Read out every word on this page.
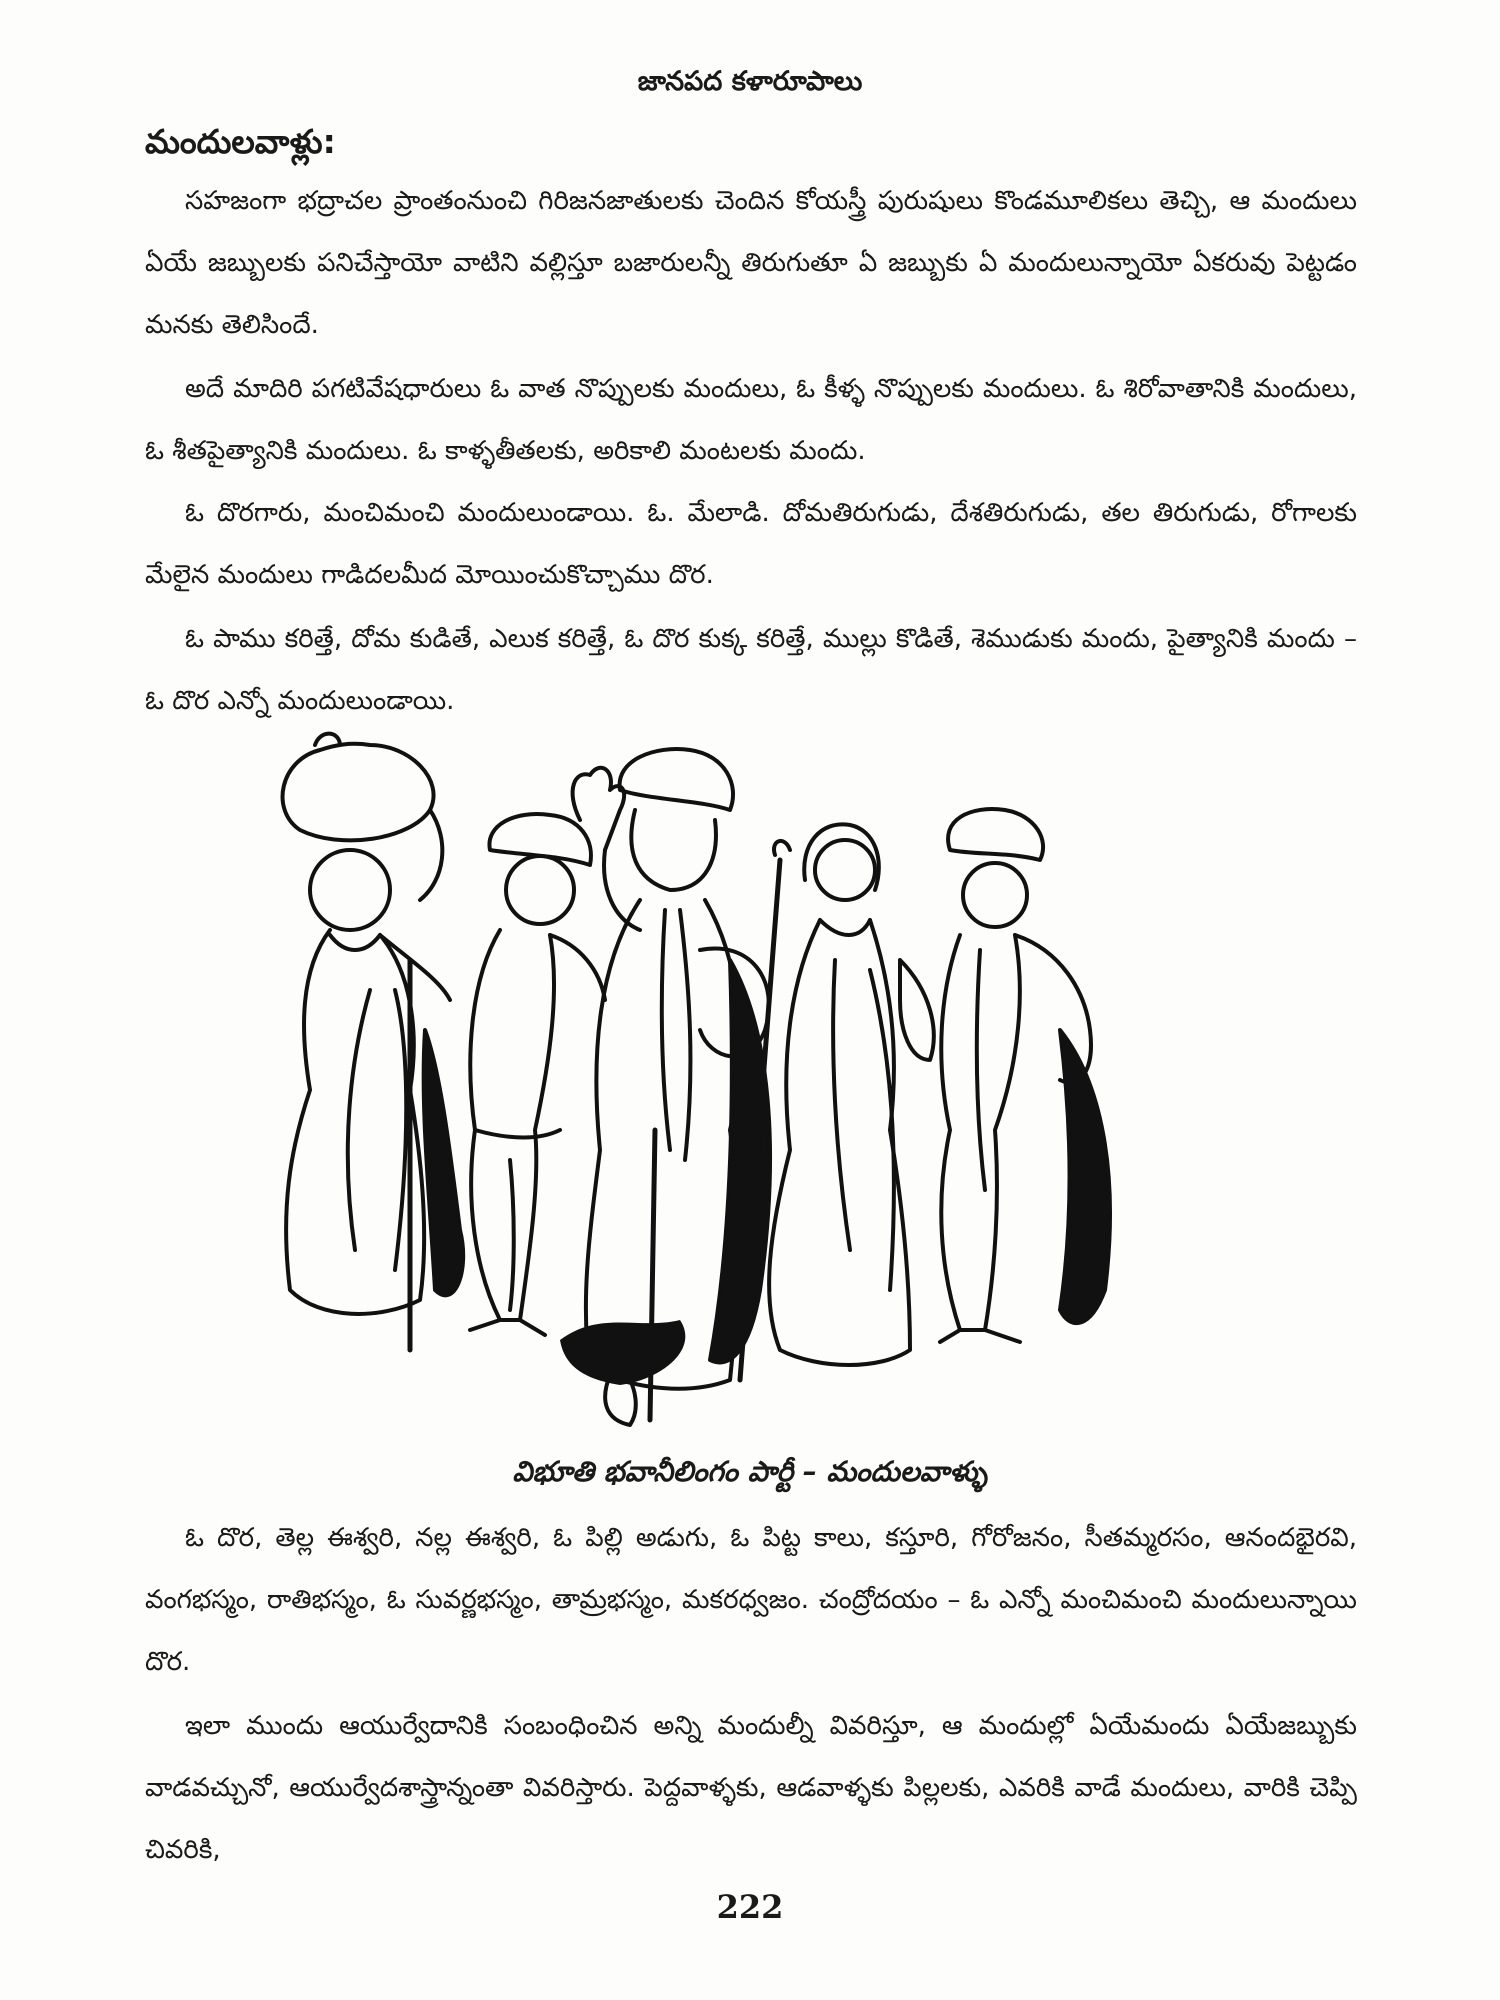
జానపద కళారూపాలు
మందులవాళ్లు:

సహజంగా భద్రాచల ప్రాంతంనుంచి గిరిజనజాతులకు చెందిన కోయస్త్రీ పురుషులు కొండమూలికలు తెచ్చి, ఆ మందులు ఏయే జబ్బులకు పనిచేస్తాయో వాటిని వల్లిస్తూ బజారులన్నీ తిరుగుతూ ఏ జబ్బుకు ఏ మందులున్నాయో ఏకరువు పెట్టడం మనకు తెలిసిందే.

అదే మాదిరి పగటివేషధారులు ఓ వాత నొప్పులకు మందులు, ఓ కీళ్ళ నొప్పులకు మందులు. ఓ శిరోవాతానికి మందులు, ఓ శీతపైత్యానికి మందులు. ఓ కాళ్ళతీతలకు, అరికాలి మంటలకు మందు.

ఓ దొరగారు, మంచిమంచి మందులుండాయి. ఓ. మేలాడి. దోమతిరుగుడు, దేశతిరుగుడు, తల తిరుగుడు, రోగాలకు మేలైన మందులు గాడిదలమీద మోయించుకొచ్చాము దొర.

ఓ పాము కరిత్తే, దోమ కుడితే, ఎలుక కరిత్తే, ఓ దొర కుక్క కరిత్తే, ముల్లు కొడితే, శెముడుకు మందు, పైత్యానికి మందు – ఓ దొర ఎన్నో మందులుండాయి.

విభూతి భవానీలింగం పార్టీ – మందులవాళ్ళు

ఓ దొర, తెల్ల ఈశ్వరి, నల్ల ఈశ్వరి, ఓ పిల్లి అడుగు, ఓ పిట్ట కాలు, కస్తూరి, గోరోజనం, సీతమ్మరసం, ఆనందభైరవి, వంగభస్మం, రాతిభస్మం, ఓ సువర్ణభస్మం, తామ్రభస్మం, మకరధ్వజం. చంద్రోదయం – ఓ ఎన్నో మంచిమంచి మందులున్నాయి దొర.

ఇలా ముందు ఆయుర్వేదానికి సంబంధించిన అన్ని మందుల్నీ వివరిస్తూ, ఆ మందుల్లో ఏయేమందు ఏయేజబ్బుకు వాడవచ్చునో, ఆయుర్వేదశాస్త్రాన్నంతా వివరిస్తారు. పెద్దవాళ్ళకు, ఆడవాళ్ళకు పిల్లలకు, ఎవరికి వాడే మందులు, వారికి చెప్పి చివరికి,

222
